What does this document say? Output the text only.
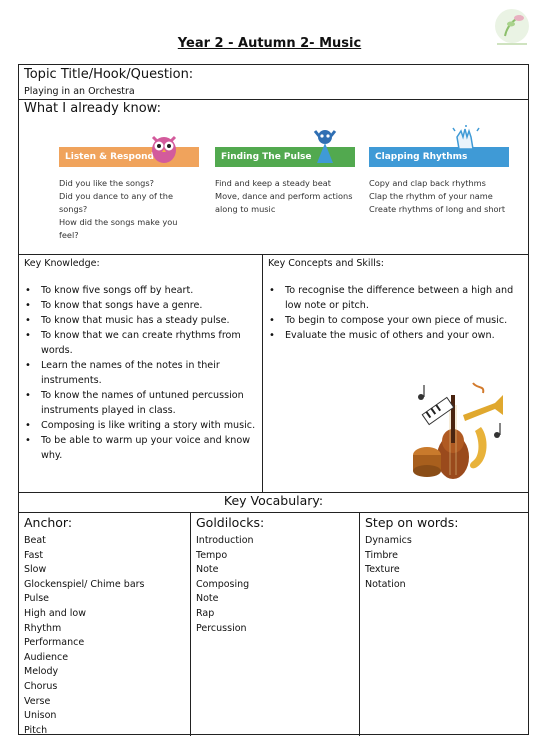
Year 2 - Autumn 2- Music
Topic Title/Hook/Question:
Playing in an Orchestra
What I already know:
Listen & Respond
Did you like the songs?
Did you dance to any of the songs?
How did the songs make you feel?
Finding The Pulse
Find and keep a steady beat
Move, dance and perform actions
along to music
Clapping Rhythms
Copy and clap back rhythms
Clap the rhythm of your name
Create rhythms of long and short
Key Knowledge:
• To know five songs off by heart.
• To know that songs have a genre.
• To know that music has a steady pulse.
• To know that we can create rhythms from words.
• Learn the names of the notes in their instruments.
• To know the names of untuned percussion instruments played in class.
• Composing is like writing a story with music.
• To be able to warm up your voice and know why.
Key Concepts and Skills:
• To recognise the difference between a high and low note or pitch.
• To begin to compose your own piece of music.
• Evaluate the music of others and your own.
Key Vocabulary:
Anchor:
Beat
Fast
Slow
Glockenspiel/ Chime bars
Pulse
High and low
Rhythm
Performance
Audience
Melody
Chorus
Verse
Unison
Pitch
Goldilocks:
Introduction
Tempo
Note
Composing
Note
Rap
Percussion
Step on words:
Dynamics
Timbre
Texture
Notation
